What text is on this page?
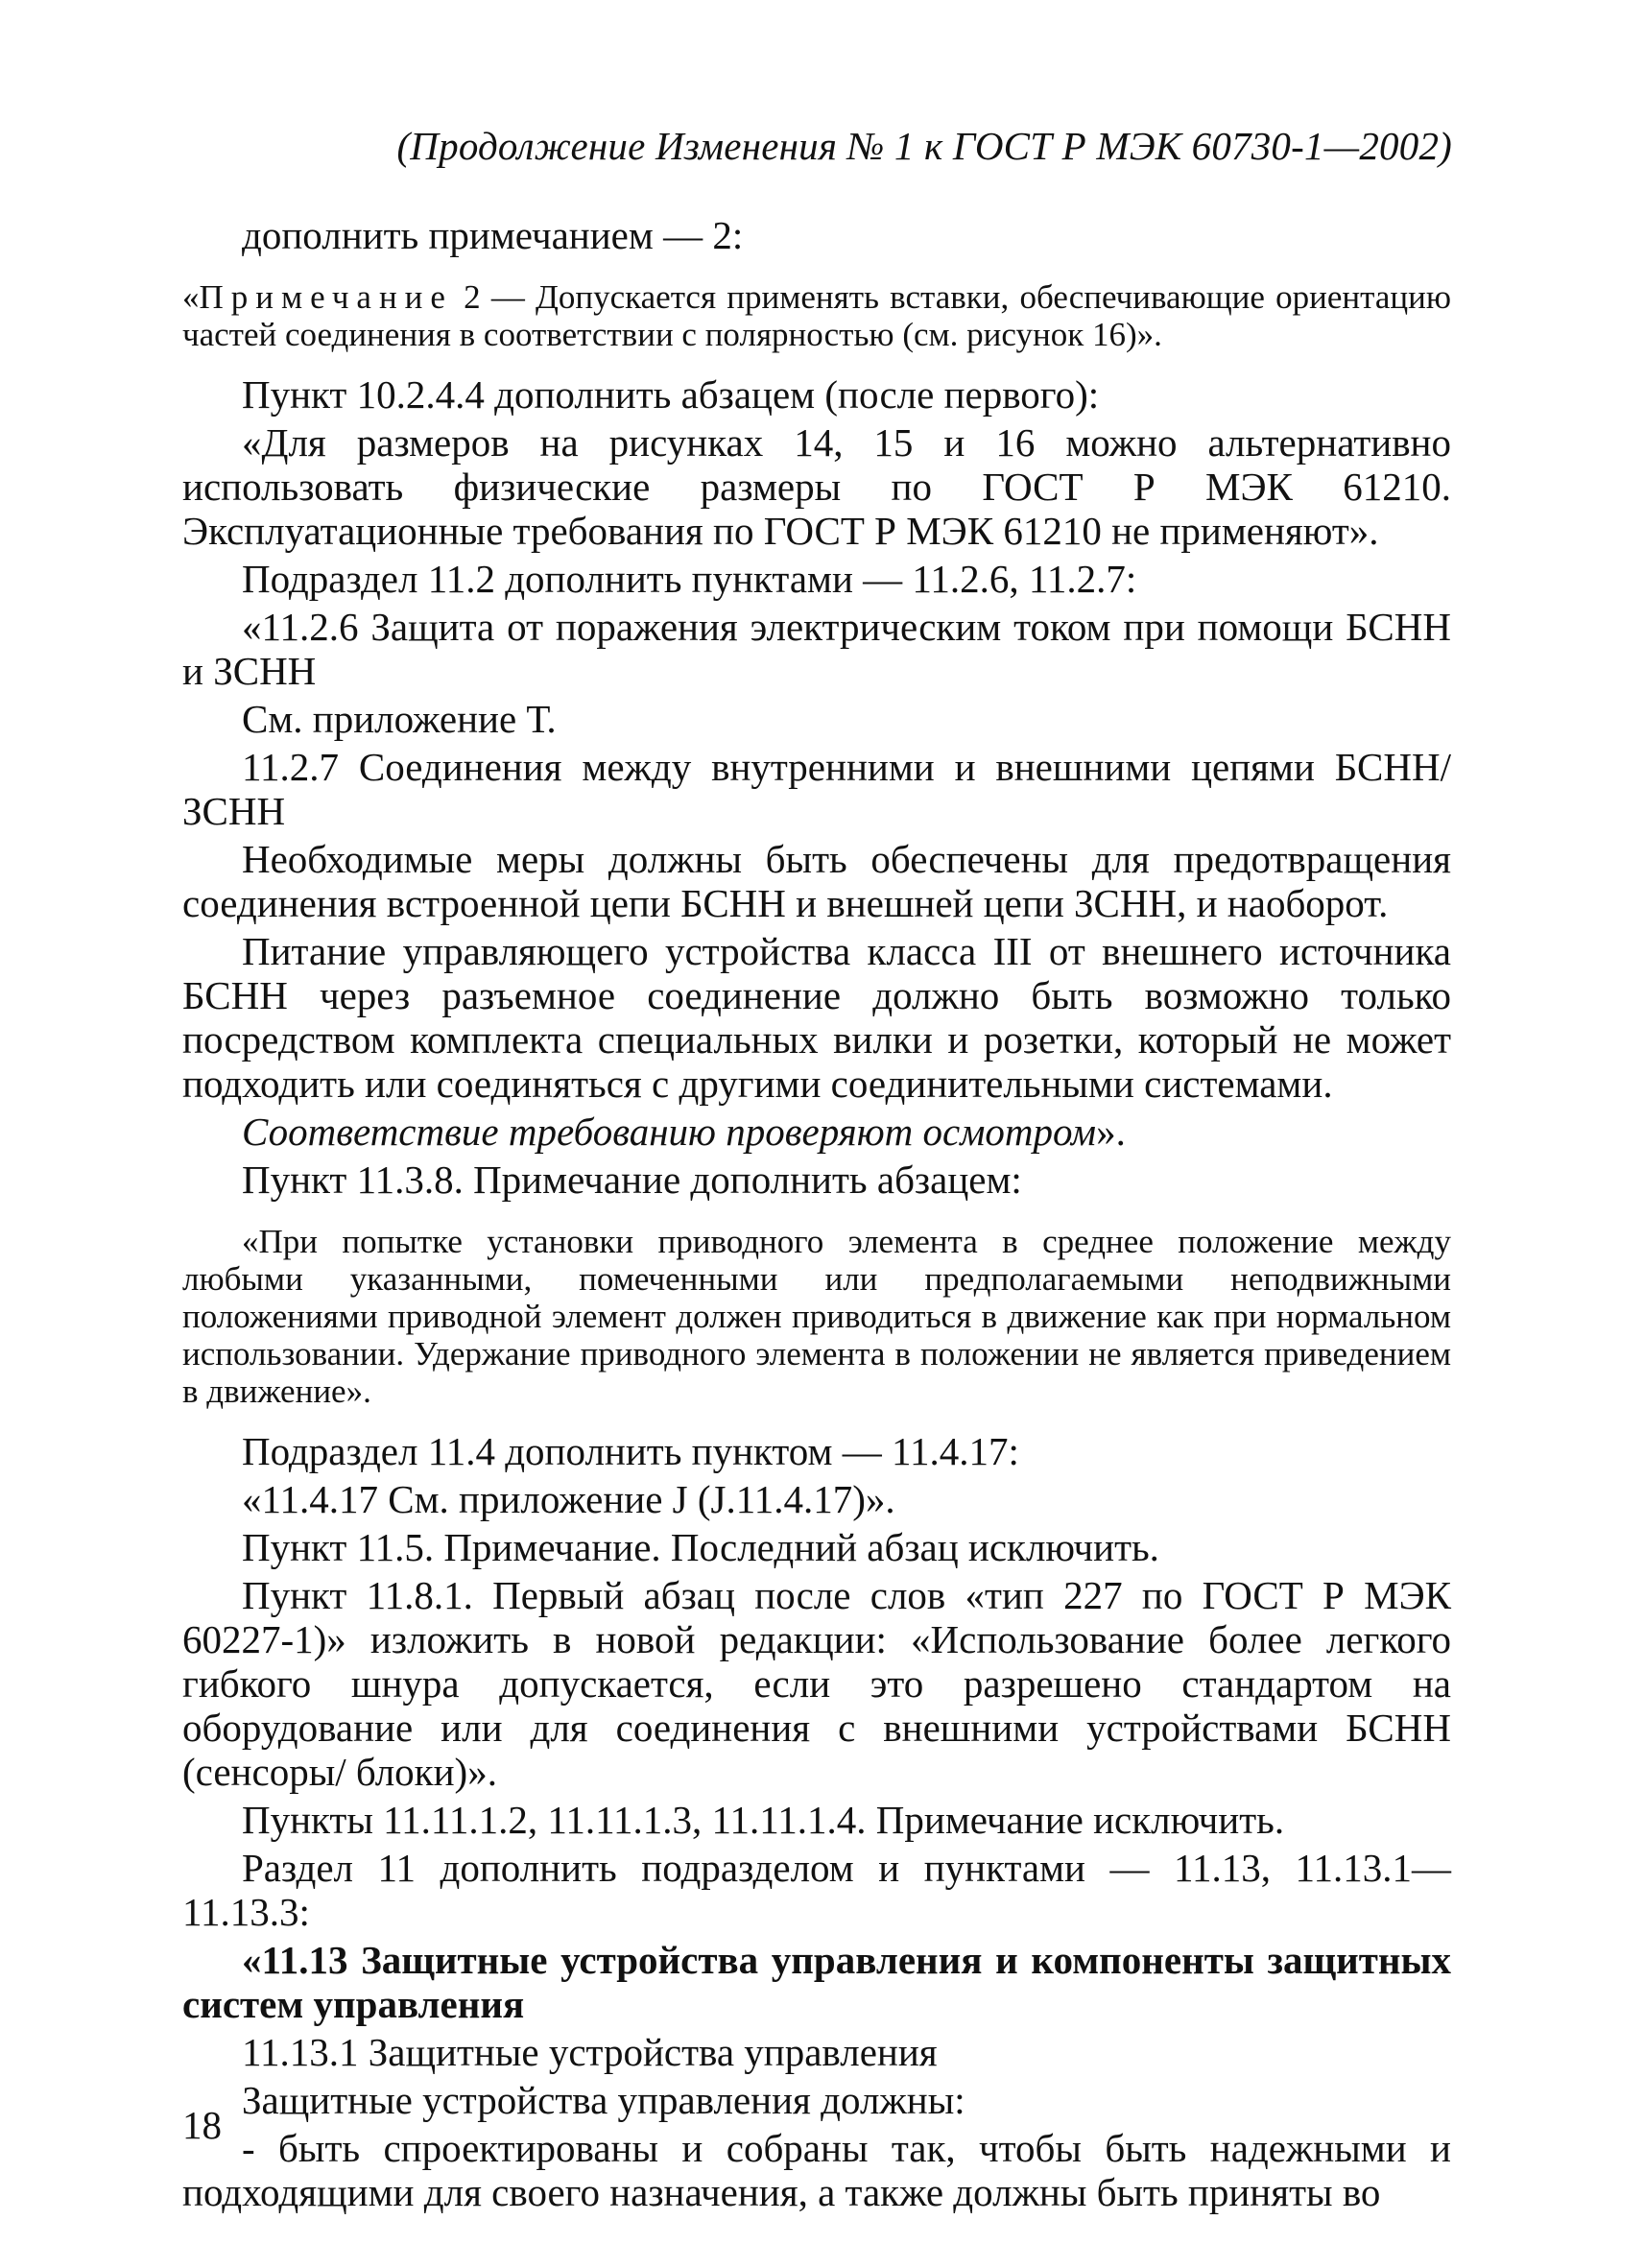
(Продолжение Изменения № 1 к ГОСТ Р МЭК 60730-1—2002)

дополнить примечанием — 2:

«Примечание 2 — Допускается применять вставки, обеспечивающие ориентацию частей соединения в соответствии с полярностью (см. рисунок 16)».

Пункт 10.2.4.4 дополнить абзацем (после первого):

«Для размеров на рисунках 14, 15 и 16 можно альтернативно использовать физические размеры по ГОСТ Р МЭК 61210. Эксплуатационные требования по ГОСТ Р МЭК 61210 не применяют».

Подраздел 11.2 дополнить пунктами — 11.2.6, 11.2.7:

«11.2.6 Защита от поражения электрическим током при помощи БСНН и ЗСНН

См. приложение Т.

11.2.7 Соединения между внутренними и внешними цепями БСНН/ ЗСНН

Необходимые меры должны быть обеспечены для предотвращения соединения встроенной цепи БСНН и внешней цепи ЗСНН, и наоборот.

Питание управляющего устройства класса III от внешнего источника БСНН через разъемное соединение должно быть возможно только посредством комплекта специальных вилки и розетки, который не может подходить или соединяться с другими соединительными системами.

Соответствие требованию проверяют осмотром».

Пункт 11.3.8. Примечание дополнить абзацем:

«При попытке установки приводного элемента в среднее положение между любыми указанными, помеченными или предполагаемыми неподвижными положениями приводной элемент должен приводиться в движение как при нормальном использовании. Удержание приводного элемента в положении не является приведением в движение».

Подраздел 11.4 дополнить пунктом — 11.4.17:

«11.4.17 См. приложение J (J.11.4.17)».

Пункт 11.5. Примечание. Последний абзац исключить.

Пункт 11.8.1. Первый абзац после слов «тип 227 по ГОСТ Р МЭК 60227-1)» изложить в новой редакции: «Использование более легкого гибкого шнура допускается, если это разрешено стандартом на оборудование или для соединения с внешними устройствами БСНН (сенсоры/ блоки)».

Пункты 11.11.1.2, 11.11.1.3, 11.11.1.4. Примечание исключить.

Раздел 11 дополнить подразделом и пунктами — 11.13, 11.13.1—11.13.3:

«11.13 Защитные устройства управления и компоненты защитных систем управления

11.13.1 Защитные устройства управления

Защитные устройства управления должны:

- быть спроектированы и собраны так, чтобы быть надежными и подходящими для своего назначения, а также должны быть приняты во

18
